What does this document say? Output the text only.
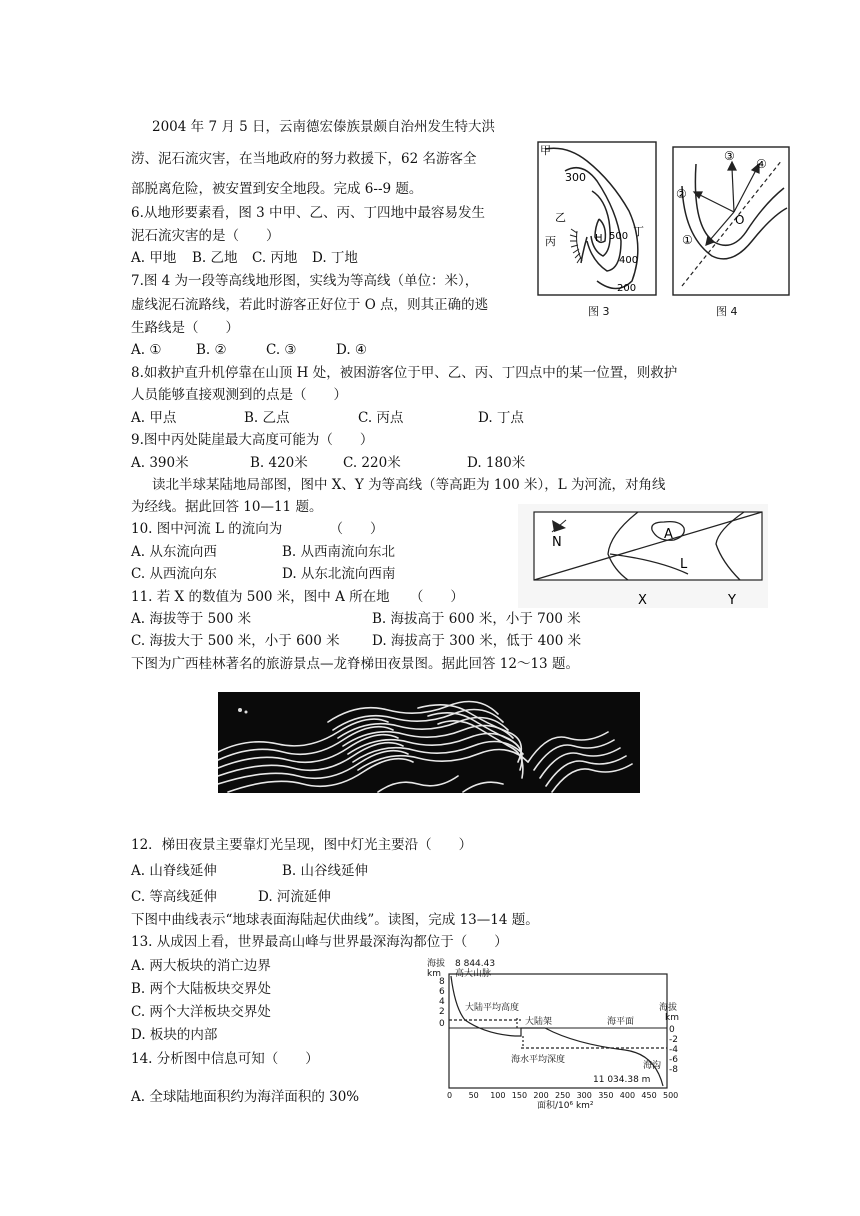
2004 年 7 月 5 日，云南德宏傣族景颇自治州发生特大洪
涝、泥石流灾害，在当地政府的努力救援下，62 名游客全
部脱离危险，被安置到安全地段。完成 6--9 题。
6.从地形要素看，图 3 中甲、乙、丙、丁四地中最容易发生
泥石流灾害的是（　　）
A. 甲地 B. 乙地 C. 丙地 D. 丁地
7.图 4 为一段等高线地形图，实线为等高线（单位：米），
虚线泥石流路线，若此时游客正好位于 O 点，则其正确的逃
生路线是（　　）
A. ①	B. ②	C. ③	D. ④
8.如救护直升机停靠在山顶 H 处，被困游客位于甲、乙、丙、丁四点中的某一位置，则救护
人员能够直接观测到的点是（　　）
A. 甲点	B. 乙点	C. 丙点	D. 丁点
9.图中丙处陡崖最大高度可能为（　　）
A. 390米	B. 420米	C. 220米	D. 180米
读北半球某陆地局部图，图中 X、Y 为等高线（等高距为 100 米），L 为河流，对角线
为经线。据此回答 10—11 题。
10. 图中河流 L 的流向为　　　　（　　）
A. 从东流向西	B. 从西南流向东北
C. 从西流向东	D. 从东北流向西南
11. 若 X 的数值为 500 米，图中 A 所在地　　（　　）
A. 海拔等于 500 米	B. 海拔高于 600 米，小于 700 米
C. 海拔大于 500 米，小于 600 米 D. 海拔高于 300 米，低于 400 米
下图为广西桂林著名的旅游景点—龙脊梯田夜景图。据此回答 12～13 题。
12．梯田夜景主要靠灯光呈现，图中灯光主要沿（　　）
A. 山脊线延伸	B. 山谷线延伸
C. 等高线延伸	D. 河流延伸
下图中曲线表示“地球表面海陆起伏曲线”。读图，完成 13—14 题。
13. 从成因上看，世界最高山峰与世界最深海沟都位于（　　）
A. 两大板块的消亡边界
B. 两个大陆板块交界处
C. 两个大洋板块交界处
D. 板块的内部
14. 分析图中信息可知（　　）
A. 全球陆地面积约为海洋面积的 30%
甲
300
丁
乙
丙	H 500
400
200
图 3
O
①
②
③
④
图 4
N
A
L
X	Y
海拔
km
8 844.43
高大山脉
大陆平均高度
大陆架	海平面
海拔
km
海水平均深度
海沟
11 034.38 m
面积/10⁶ km²
8
6
4
2
0
0
-2
-4
-6
-8
0 50 100 150 200 250 300 350 400 450 500
